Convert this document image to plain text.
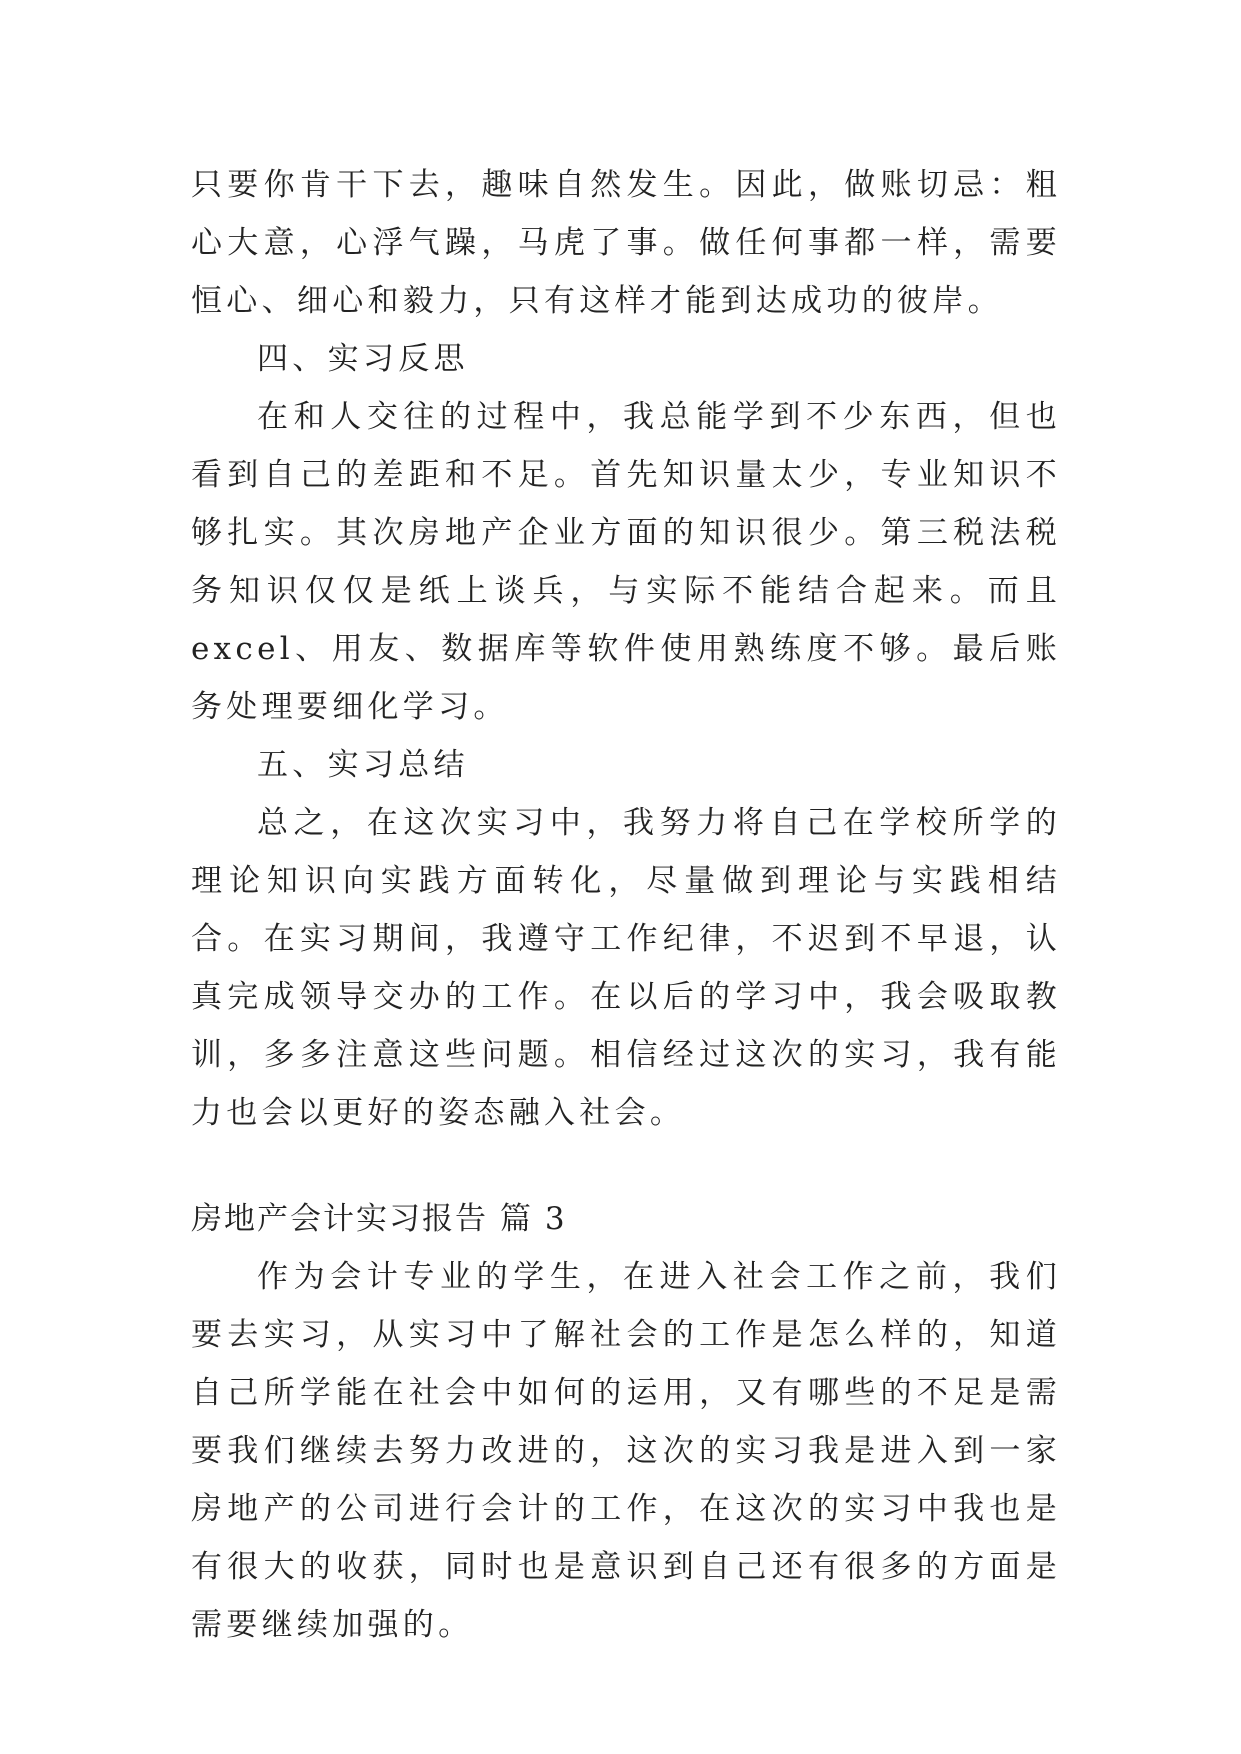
只要你肯干下去，趣味自然发生。因此，做账切忌：粗心大意，心浮气躁，马虎了事。做任何事都一样，需要恒心、细心和毅力，只有这样才能到达成功的彼岸。

四、实习反思

在和人交往的过程中，我总能学到不少东西，但也看到自己的差距和不足。首先知识量太少，专业知识不够扎实。其次房地产企业方面的知识很少。第三税法税务知识仅仅是纸上谈兵，与实际不能结合起来。而且excel、用友、数据库等软件使用熟练度不够。最后账务处理要细化学习。

五、实习总结

总之，在这次实习中，我努力将自己在学校所学的理论知识向实践方面转化，尽量做到理论与实践相结合。在实习期间，我遵守工作纪律，不迟到不早退，认真完成领导交办的工作。在以后的学习中，我会吸取教训，多多注意这些问题。相信经过这次的实习，我有能力也会以更好的姿态融入社会。

房地产会计实习报告 篇 3

作为会计专业的学生，在进入社会工作之前，我们要去实习，从实习中了解社会的工作是怎么样的，知道自己所学能在社会中如何的运用，又有哪些的不足是需要我们继续去努力改进的，这次的实习我是进入到一家房地产的公司进行会计的工作，在这次的实习中我也是有很大的收获，同时也是意识到自己还有很多的方面是需要继续加强的。
